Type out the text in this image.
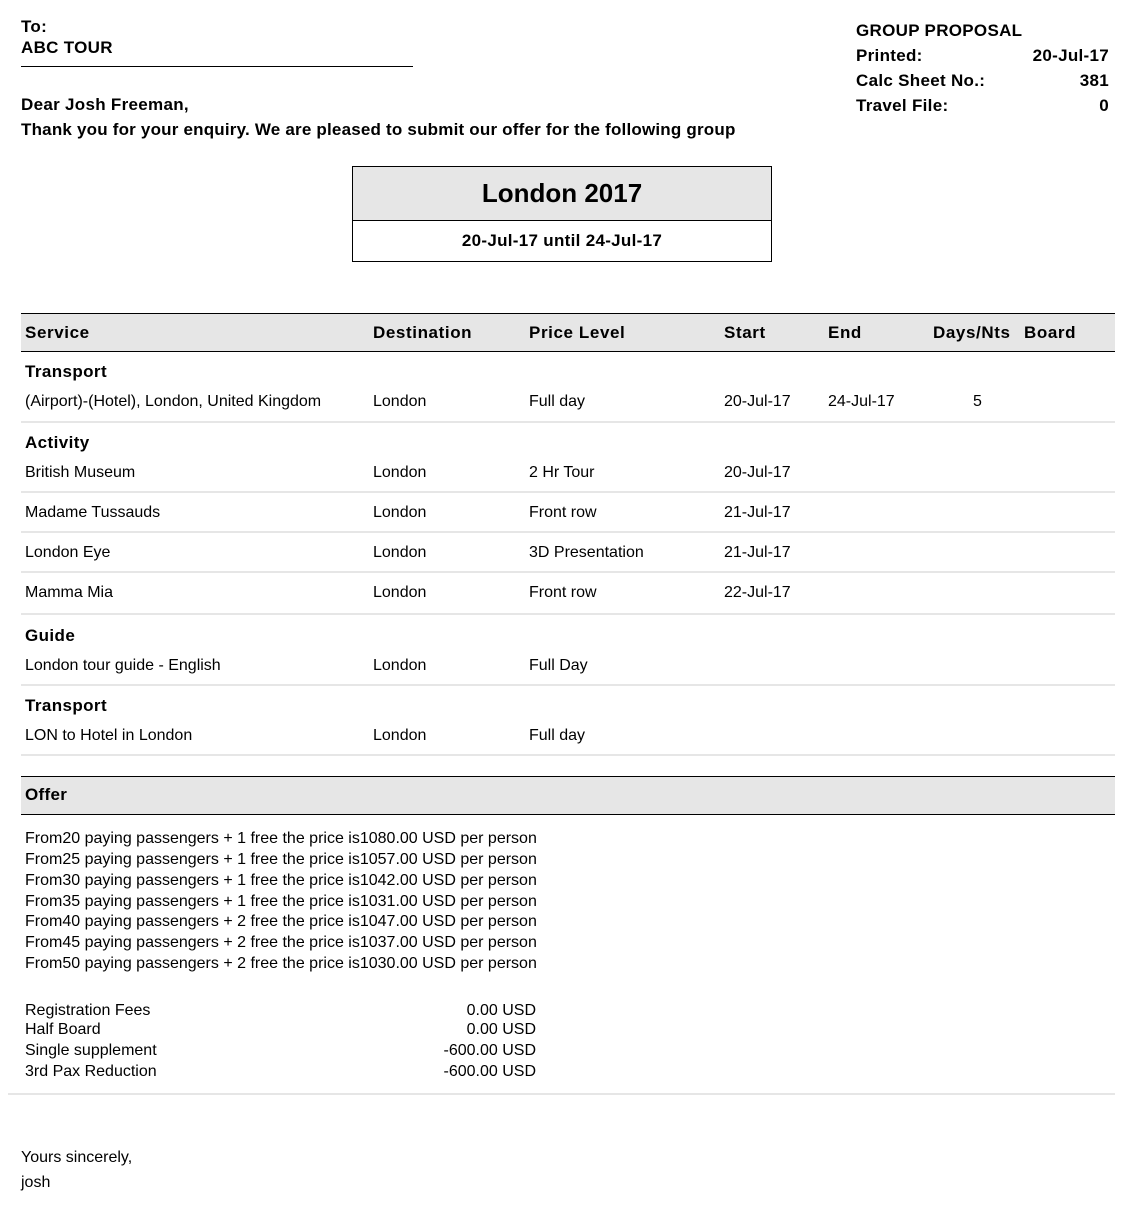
To:
ABC TOUR
Dear Josh Freeman,
Thank you for your enquiry. We are pleased to submit our offer for the following group
GROUP PROPOSAL
Printed:	20-Jul-17
Calc Sheet No.:	381
Travel File:	0
London 2017
20-Jul-17 until 24-Jul-17
Service	Destination	Price Level	Start	End	Days/Nts Board
Transport
(Airport)-(Hotel), London, United Kingdom	London	Full day	20-Jul-17 24-Jul-17	5
Activity
British Museum	London	2 Hr Tour	20-Jul-17
Madame Tussauds	London	Front row	21-Jul-17
London Eye	London	3D Presentation	21-Jul-17
Mamma Mia	London	Front row	22-Jul-17
Guide
London tour guide - English	London	Full Day
Transport
LON to Hotel in London	London	Full day
Offer
From20 paying passengers + 1 free the price is1080.00 USD per person
From25 paying passengers + 1 free the price is1057.00 USD per person
From30 paying passengers + 1 free the price is1042.00 USD per person
From35 paying passengers + 1 free the price is1031.00 USD per person
From40 paying passengers + 2 free the price is1047.00 USD per person
From45 paying passengers + 2 free the price is1037.00 USD per person
From50 paying passengers + 2 free the price is1030.00 USD per person
Registration Fees	0.00 USD
Half Board	0.00 USD
Single supplement	-600.00 USD
3rd Pax Reduction	-600.00 USD
Yours sincerely,
josh
